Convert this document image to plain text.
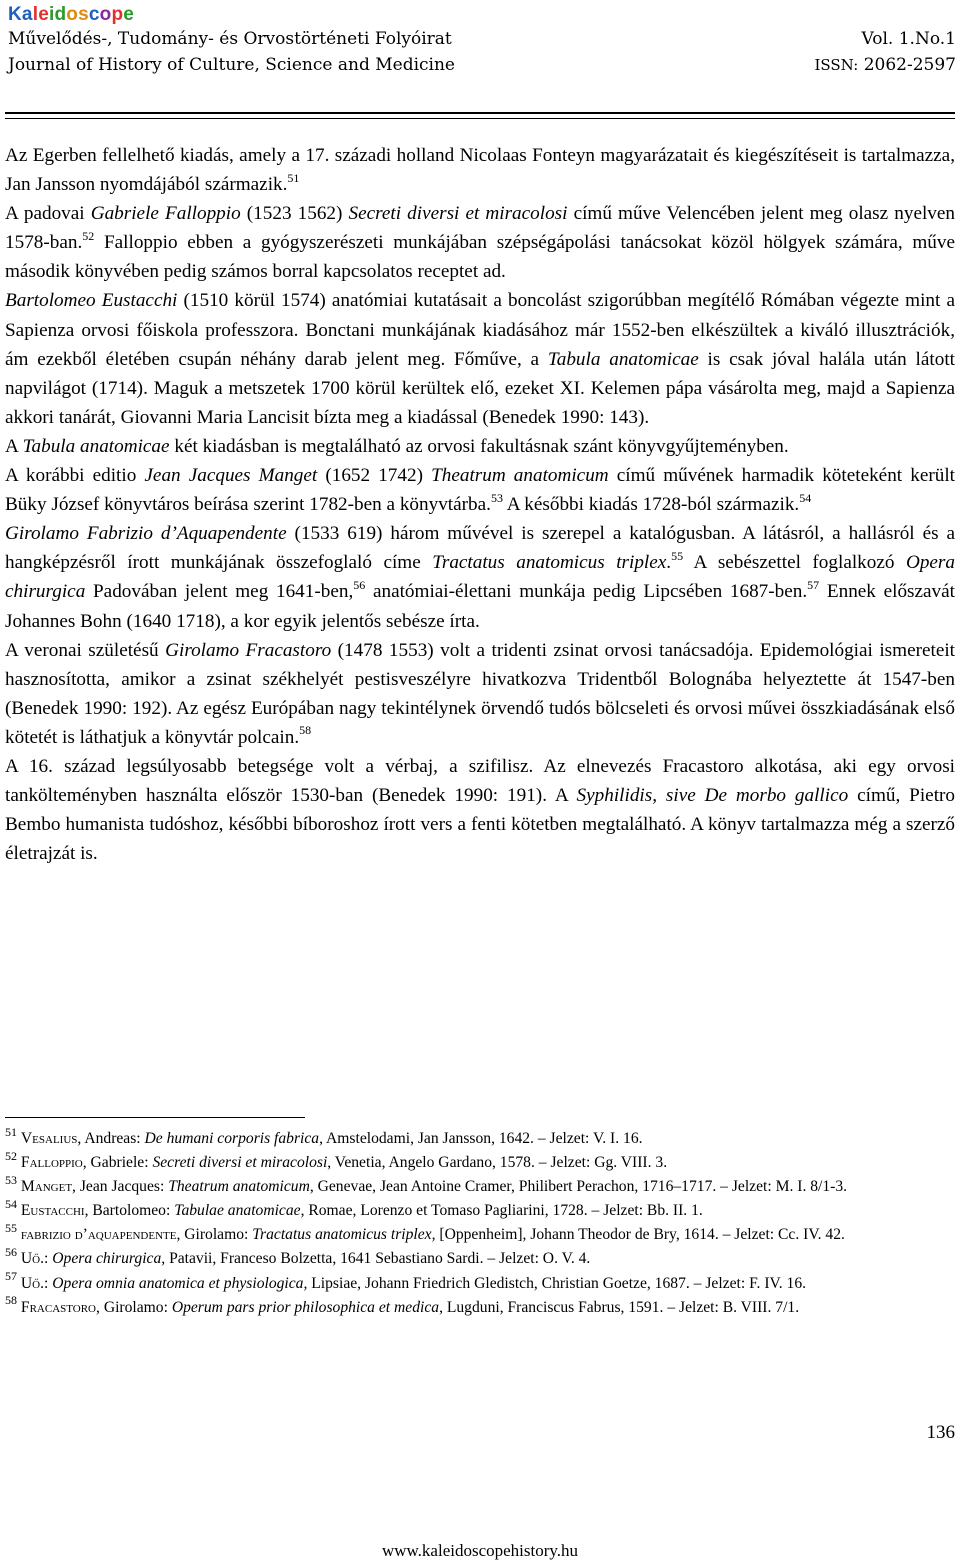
Kaleidoscope
Művelődés-, Tudomány- és Orvostörténeti Folyóirat	Vol. 1.No.1
Journal of History of Culture, Science and Medicine	ISSN: 2062-2597

Az Egerben fellelhető kiadás, amely a 17. századi holland Nicolaas Fonteyn magyarázatait és kiegészítéseit is tartalmazza, Jan Jansson nyomdájából származik.$^{51}$

A padovai Gabriele Falloppio (1523 1562) Secreti diversi et miracolosi című műve Velencében jelent meg olasz nyelven 1578-ban.$^{52}$ Falloppio ebben a gyógyszerészeti munkájában szépségápolási tanácsokat közöl hölgyek számára, műve második könyvében pedig számos borral kapcsolatos receptet ad.

Bartolomeo Eustacchi (1510 körül 1574) anatómiai kutatásait a boncolást szigorúbban megítélő Rómában végezte mint a Sapienza orvosi főiskola professzora. Bonctani munkájának kiadásához már 1552-ben elkészültek a kiváló illusztrációk, ám ezekből életében csupán néhány darab jelent meg. Főműve, a Tabula anatomicae is csak jóval halála után látott napvilágot (1714). Maguk a metszetek 1700 körül kerültek elő, ezeket XI. Kelemen pápa vásárolta meg, majd a Sapienza akkori tanárát, Giovanni Maria Lancisit bízta meg a kiadással (Benedek 1990: 143).

A Tabula anatomicae két kiadásban is megtalálható az orvosi fakultásnak szánt könyvgyűjteményben.

A korábbi editio Jean Jacques Manget (1652 1742) Theatrum anatomicum című művének harmadik köteteként került Büky József könyvtáros beírása szerint 1782-ben a könyvtárba.$^{53}$ A későbbi kiadás 1728-ból származik.$^{54}$

Girolamo Fabrizio d’Aquapendente (1533 619) három művével is szerepel a katalógusban. A látásról, a hallásról és a hangképzésről írott munkájának összefoglaló címe Tractatus anatomicus triplex.$^{55}$ A sebészettel foglalkozó Opera chirurgica Padovában jelent meg 1641-ben,$^{56}$ anatómiai-élettani munkája pedig Lipcsében 1687-ben.$^{57}$ Ennek előszavát Johannes Bohn (1640 1718), a kor egyik jelentős sebésze írta.

A veronai születésű Girolamo Fracastoro (1478 1553) volt a tridenti zsinat orvosi tanácsadója. Epidemológiai ismereteit hasznosította, amikor a zsinat székhelyét pestisveszélyre hivatkozva Tridentből Bolognába helyeztette át 1547-ben (Benedek 1990: 192). Az egész Európában nagy tekintélynek örvendő tudós bölcseleti és orvosi művei összkiadásának első kötetét is láthatjuk a könyvtár polcain.$^{58}$

A 16. század legsúlyosabb betegsége volt a vérbaj, a szifilisz. Az elnevezés Fracastoro alkotása, aki egy orvosi tankölteményben használta először 1530-ban (Benedek 1990: 191). A Syphilidis, sive De morbo gallico című, Pietro Bembo humanista tudóshoz, későbbi bíboroshoz írott vers a fenti kötetben megtalálható. A könyv tartalmazza még a szerző életrajzát is.

$^{51}$ Vesalius, Andreas: De humani corporis fabrica, Amstelodami, Jan Jansson, 1642. – Jelzet: V. I. 16.

$^{52}$ Falloppio, Gabriele: Secreti diversi et miracolosi, Venetia, Angelo Gardano, 1578. – Jelzet: Gg. VIII. 3.

$^{53}$ Manget, Jean Jacques: Theatrum anatomicum, Genevae, Jean Antoine Cramer, Philibert Perachon, 1716–1717. – Jelzet: M. I. 8/1-3.

$^{54}$ Eustacchi, Bartolomeo: Tabulae anatomicae, Romae, Lorenzo et Tomaso Pagliarini, 1728. – Jelzet: Bb. II. 1.

$^{55}$ fabrizio d’aquapendente, Girolamo: Tractatus anatomicus triplex, [Oppenheim], Johann Theodor de Bry, 1614. – Jelzet: Cc. IV. 42.

$^{56}$ Uő.: Opera chirurgica, Patavii, Franceso Bolzetta, 1641 Sebastiano Sardi. – Jelzet: O. V. 4.

$^{57}$ Uő.: Opera omnia anatomica et physiologica, Lipsiae, Johann Friedrich Gledistch, Christian Goetze, 1687. – Jelzet: F. IV. 16.

$^{58}$ Fracastoro, Girolamo: Operum pars prior philosophica et medica, Lugduni, Franciscus Fabrus, 1591. – Jelzet: B. VIII. 7/1.

136
www.kaleidoscopehistory.hu
